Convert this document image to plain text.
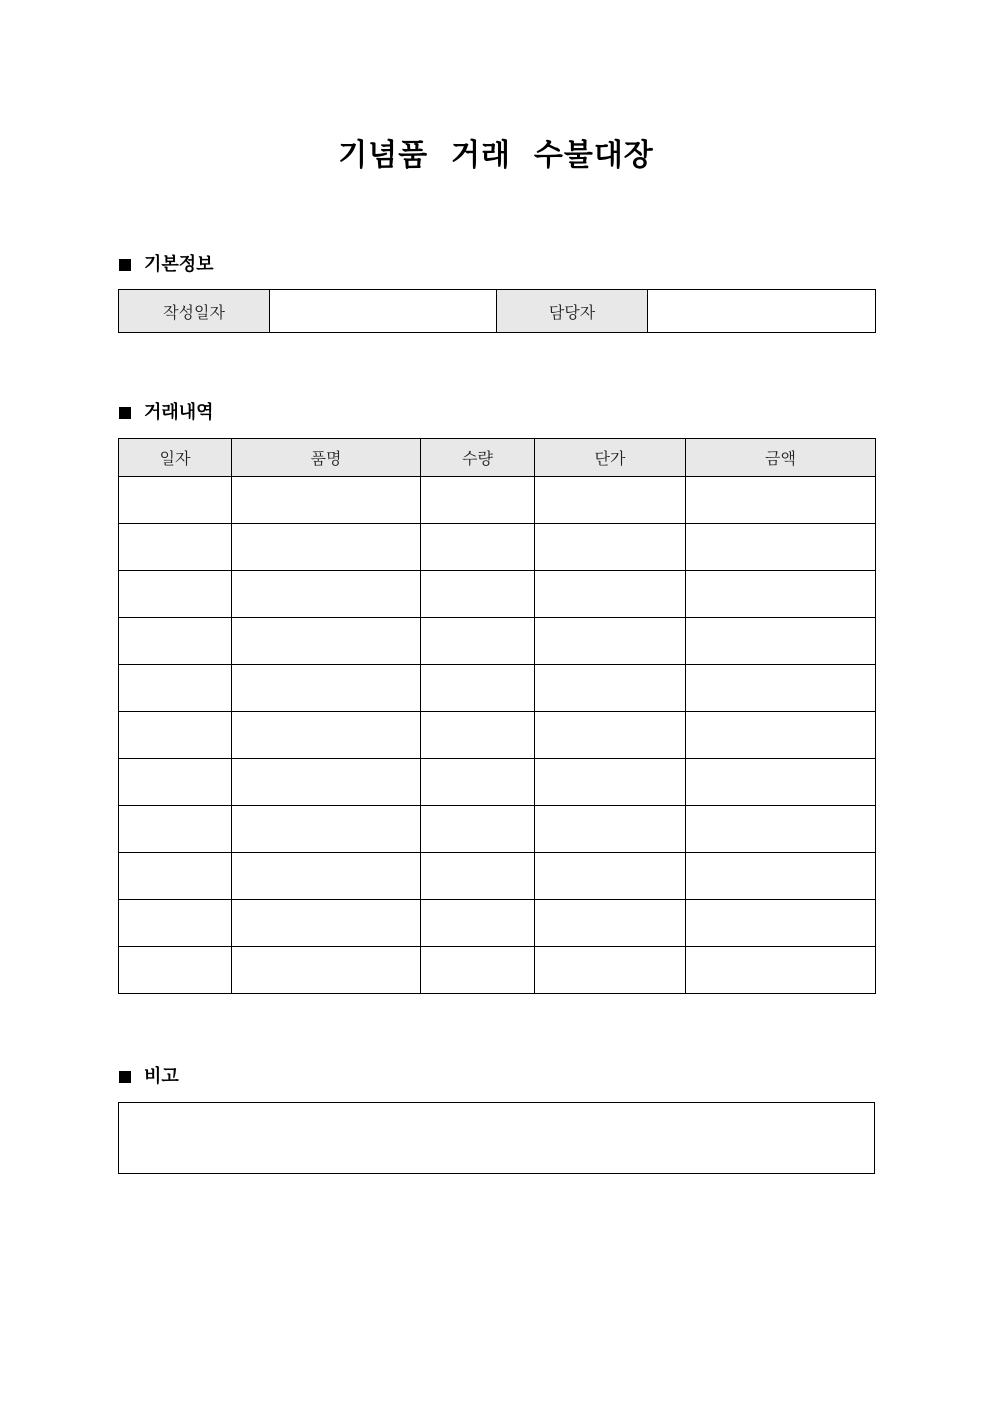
기념품  거래  수불대장
기본정보
작성일자		담당자	
거래내역
일자	품명	수량	단가	금액

비고
